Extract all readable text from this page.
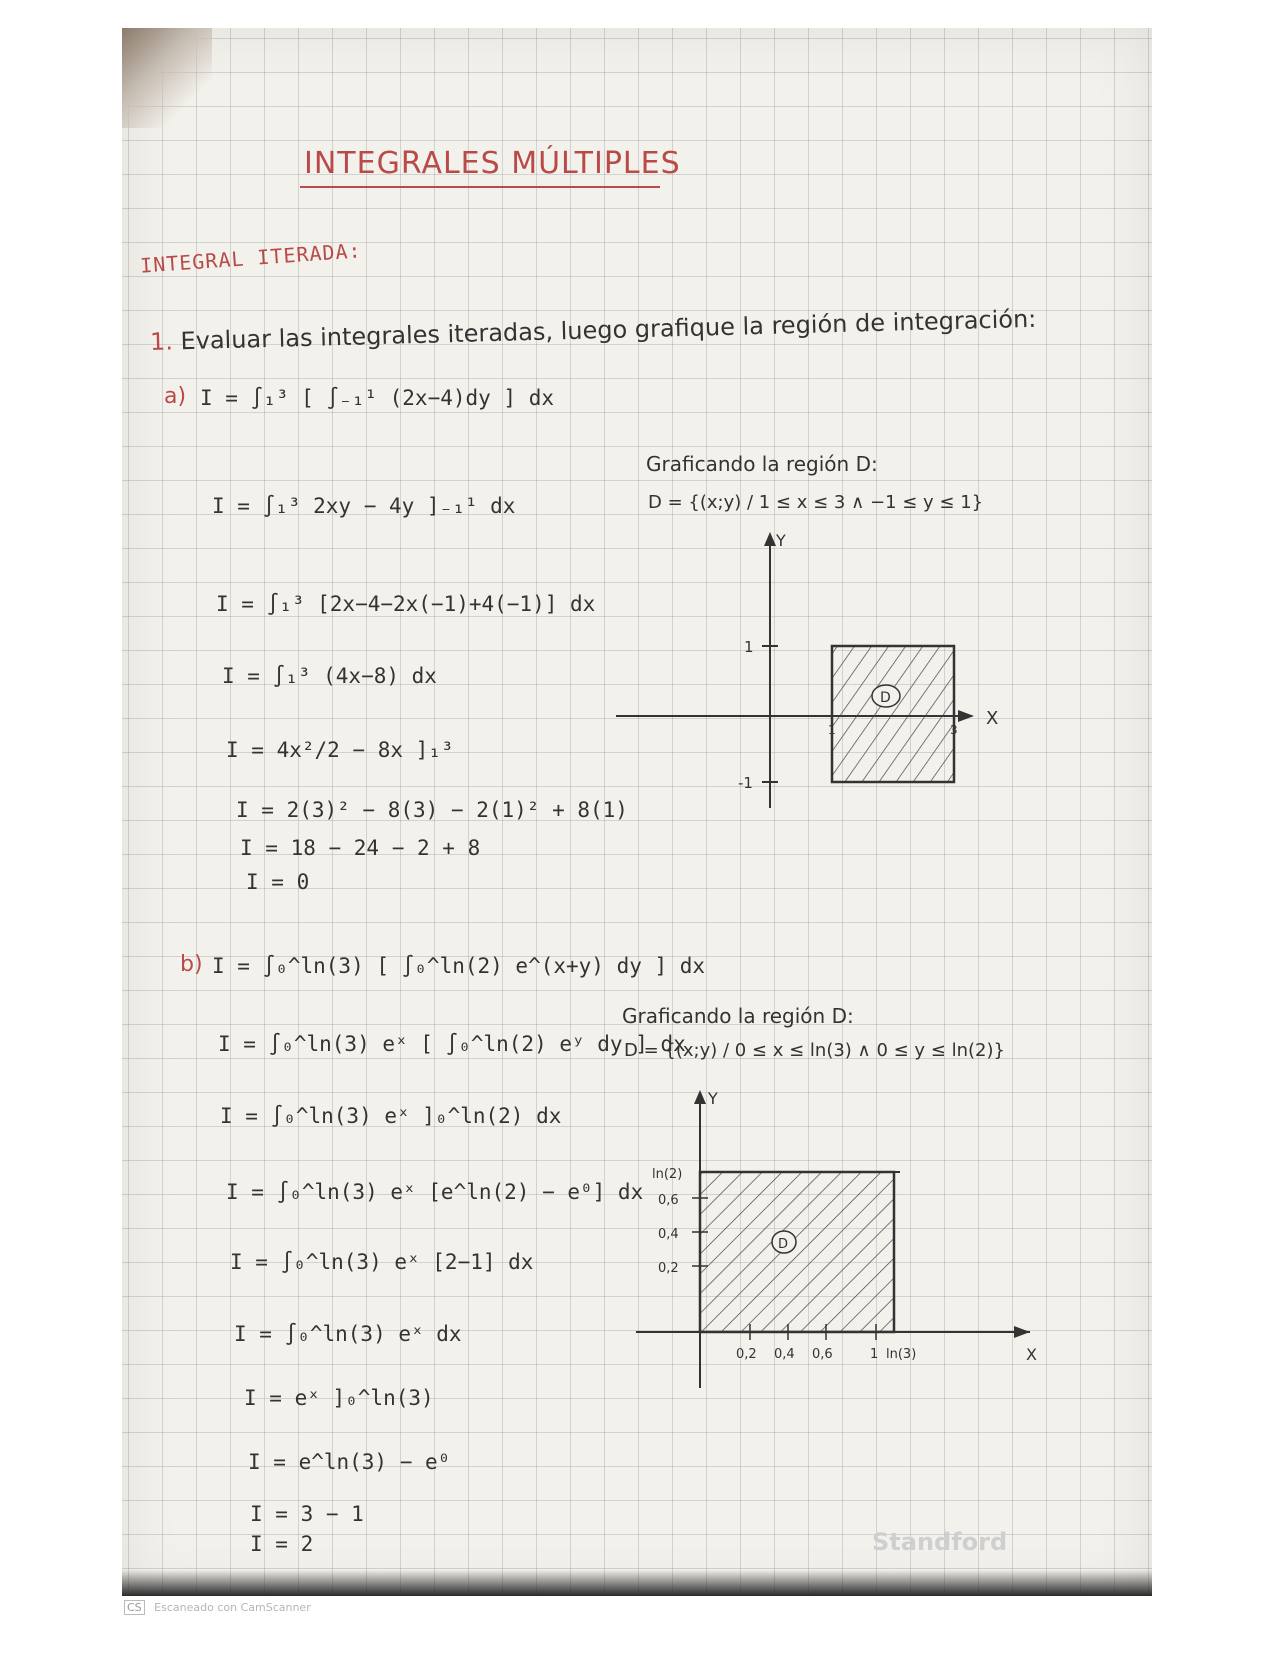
INTEGRALES MÚLTIPLES
INTEGRAL ITERADA:
1. Evaluar las integrales iteradas, luego grafique la región de integración:
a) I = ∫₁³ [ ∫₋₁¹ (2x−4)dy ] dx
I = ∫₁³ 2xy − 4y ]₋₁¹ dx
I = ∫₁³ [2x−4−2x(−1)+4(−1)] dx
I = ∫₁³ (4x−8) dx
I = 4x²/2 − 8x ]₁³
I = 2(3)² − 8(3) − 2(1)² + 8(1)
I = 18 − 24 − 2 + 8
I = 0
Graficando la región D:
D = {(x;y) / 1 ≤ x ≤ 3 ∧ −1 ≤ y ≤ 1}
Y
X
1
-1
D
1	3
b) I = ∫₀^ln(3) [ ∫₀^ln(2) e^(x+y) dy ] dx
I = ∫₀^ln(3) eˣ [ ∫₀^ln(2) eʸ dy ] dx
I = ∫₀^ln(3) eˣ ]₀^ln(2) dx
I = ∫₀^ln(3) eˣ [e^ln(2) − e⁰] dx
I = ∫₀^ln(3) eˣ [2−1] dx
I = ∫₀^ln(3) eˣ dx
I = eˣ ]₀^ln(3)
I = e^ln(3) − e⁰
I = 3 − 1
I = 2
Graficando la región D:
D = {(x;y) / 0 ≤ x ≤ ln(3) ∧ 0 ≤ y ≤ ln(2)}
Y
X
D
ln(2)
0,6
0,4
0,2
0,2 0,4 0,6	1 ln(3)
Standford
CS Escaneado con CamScanner
